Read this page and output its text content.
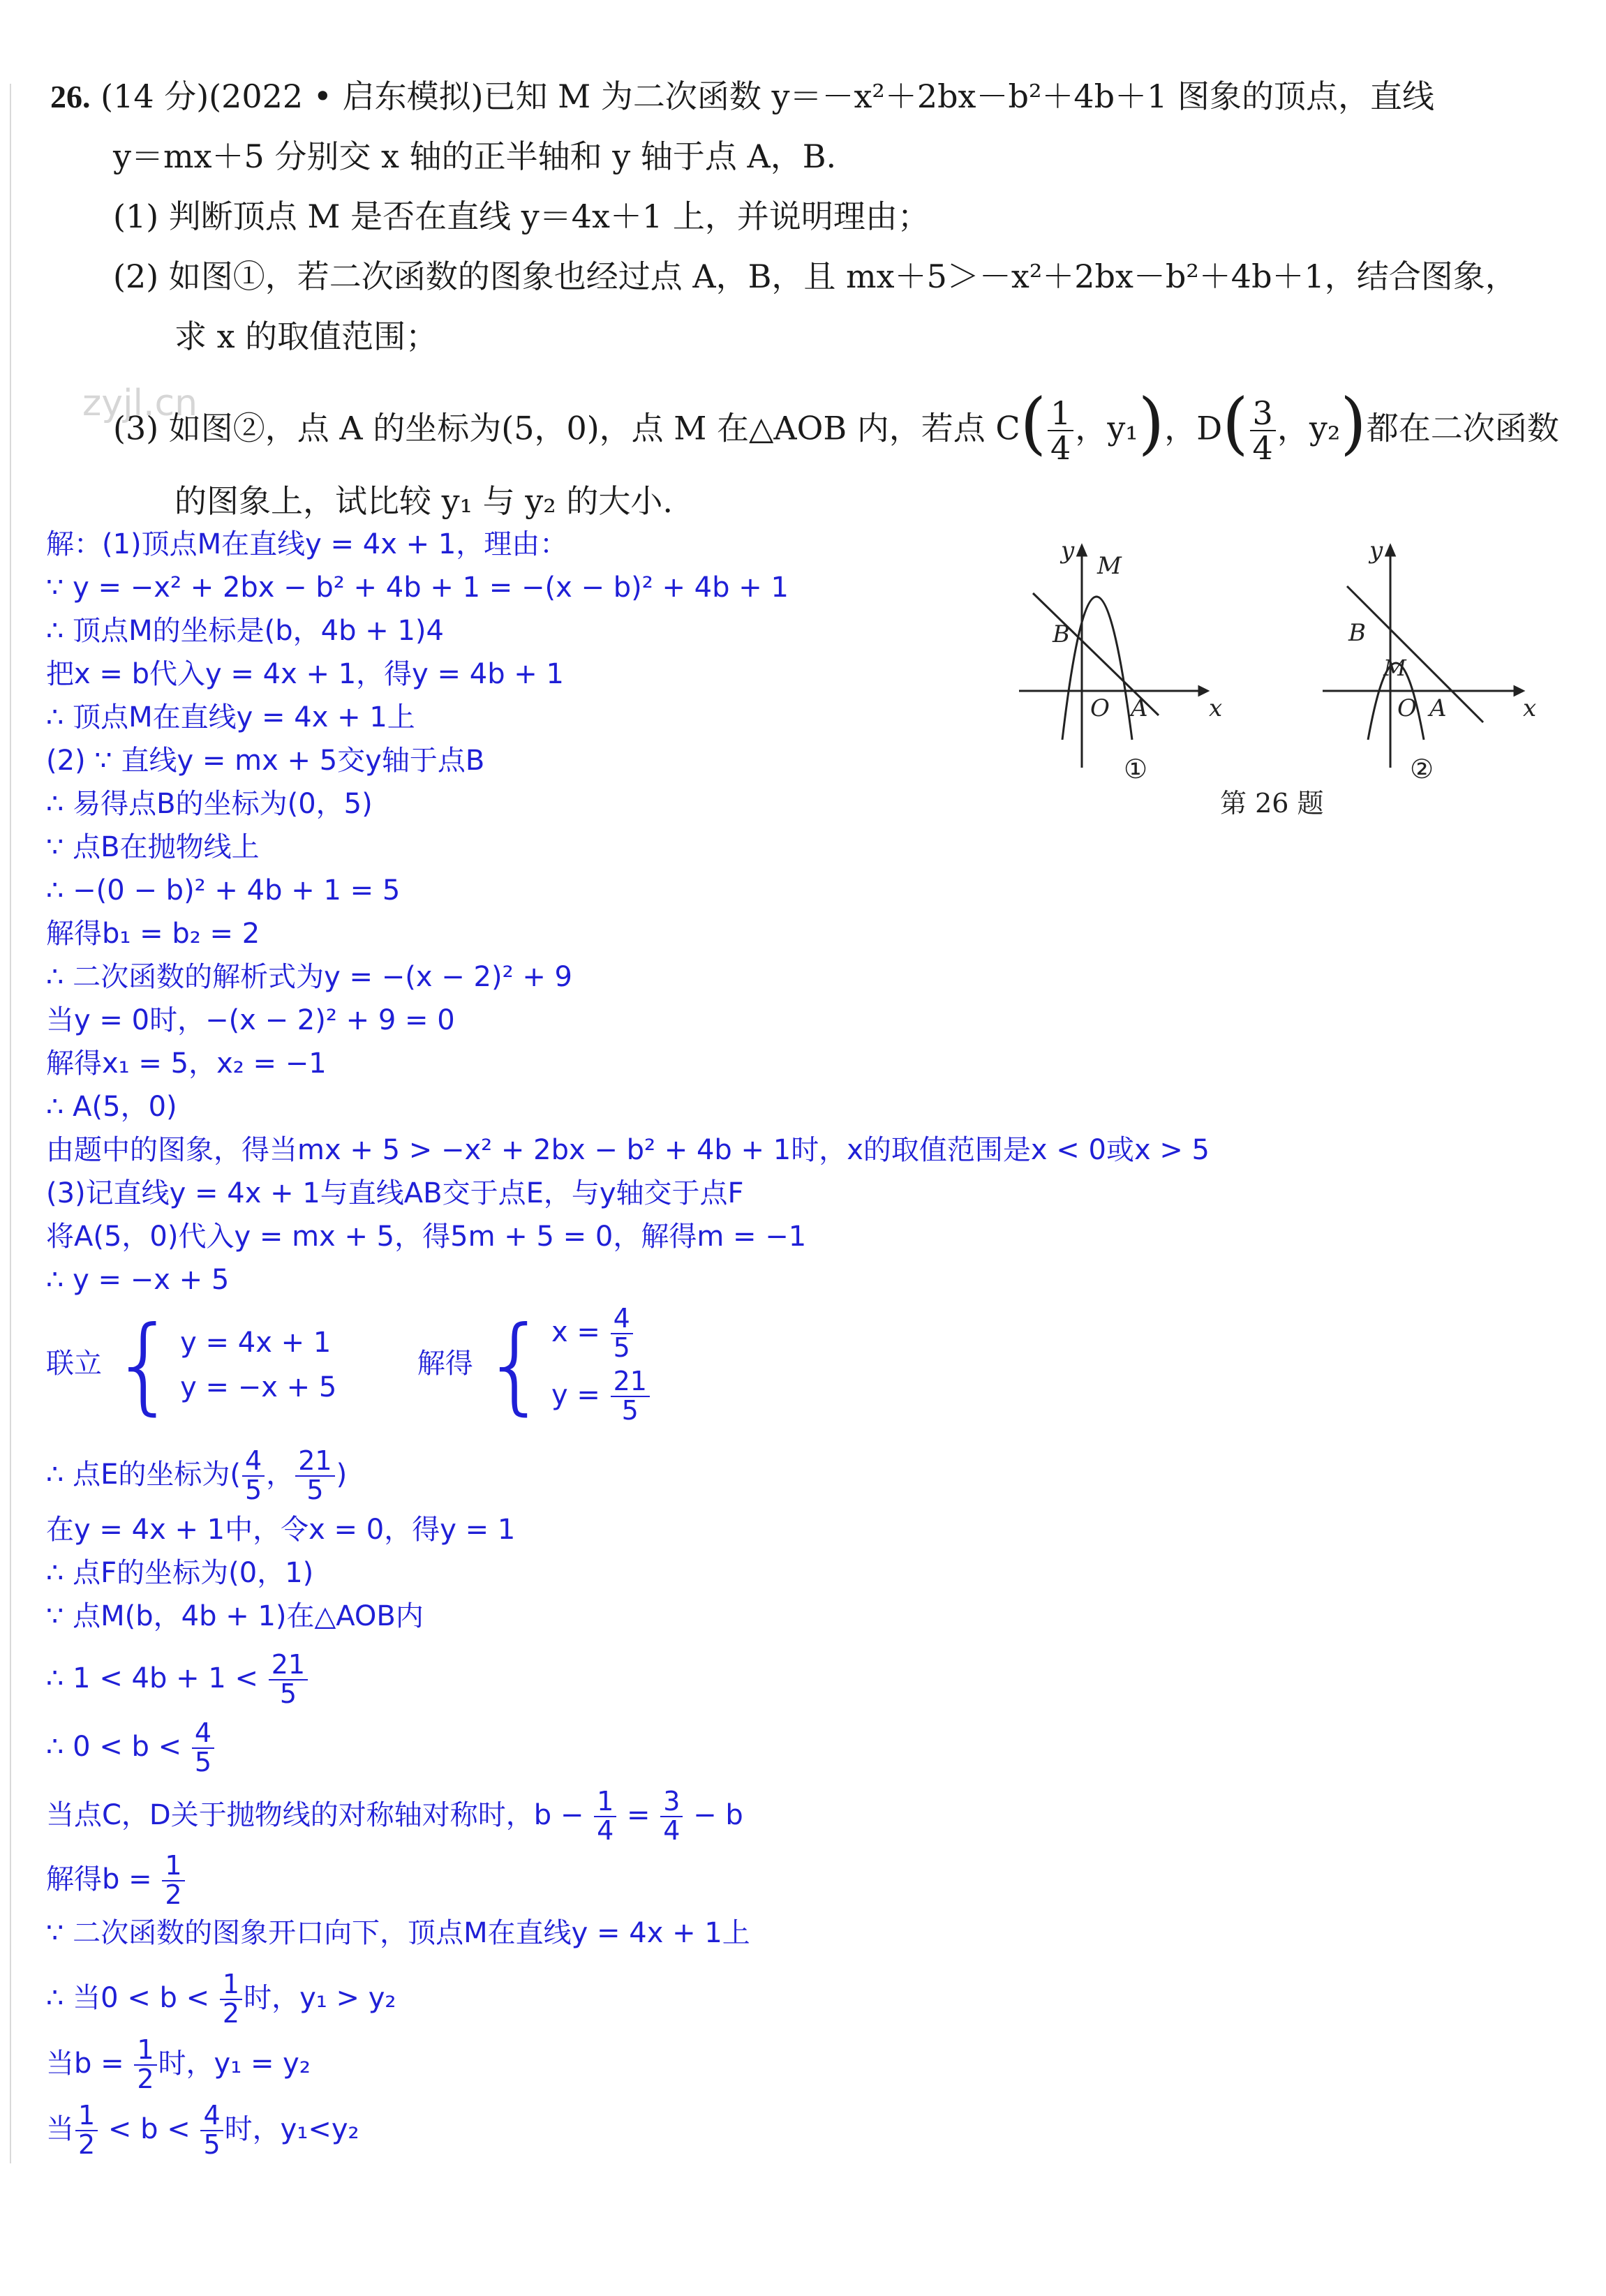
26. (14 分)(2022 • 启东模拟)已知 M 为二次函数 y＝－x²＋2bx－b²＋4b＋1 图象的顶点，直线
y＝mx＋5 分别交 x 轴的正半轴和 y 轴于点 A，B.
(1) 判断顶点 M 是否在直线 y＝4x＋1 上，并说明理由；
(2) 如图①，若二次函数的图象也经过点 A，B，且 mx＋5＞－x²＋2bx－b²＋4b＋1，结合图象，
求 x 的取值范围；
(3) 如图②，点 A 的坐标为(5，0)，点 M 在△AOB 内，若点 $C( \frac{1}{4}$ ，y₁)，$D( \frac{3}{4}$ ，y₂)都在二次函数
的图象上，试比较 y₁ 与 y₂ 的大小.
zyjl.cn
y
M
B
O A	x
y
B
M
O A	x
①	②
第 26 题
解：(1)顶点M在直线y = 4x + 1，理由：
∵ y = −x² + 2bx − b² + 4b + 1 = −(x − b)² + 4b + 1
∴ 顶点M的坐标是(b，4b + 1)4
把x = b代入y = 4x + 1，得y = 4b + 1
∴ 顶点M在直线y = 4x + 1上
(2) ∵ 直线y = mx + 5交y轴于点B
∴ 易得点B的坐标为(0，5)
∵ 点B在抛物线上
∴ −(0 − b)² + 4b + 1 = 5
解得b₁ = b₂ = 2
∴ 二次函数的解析式为y = −(x − 2)² + 9
当y = 0时，−(x − 2)² + 9 = 0
解得x₁ = 5，x₂ = −1
∴ A(5，0)
由题中的图象，得当mx + 5 > −x² + 2bx − b² + 4b + 1时，x的取值范围是x < 0或x > 5
(3)记直线y = 4x + 1与直线AB交于点E，与y轴交于点F
将A(5，0)代入y = mx + 5，得5m + 5 = 0，解得m = −1
∴ y = −x + 5
联立 { y = 4x + 1
y = −x + 5
解得 { $x = \frac{4}{5}$
$y = \frac{21}{5}$
∴ 点E的坐标为( $\frac{4}{5}$ ， $\frac{21}{5}$ )
在y = 4x + 1中，令x = 0，得y = 1
∴ 点F的坐标为(0，1)
∵ 点M(b，4b + 1)在△AOB内
∴ $1 < 4b + 1 < \frac{21}{5}$
∴ $0 < b < \frac{4}{5}$
当点C，D关于抛物线的对称轴对称时，$b - \frac{1}{4} = \frac{3}{4} - b$
解得$b = \frac{1}{2}$
∵ 二次函数的图象开口向下，顶点M在直线y = 4x + 1上
∴ 当$0 < b < \frac{1}{2}$ 时，y₁ > y₂
当$b = \frac{1}{2}$ 时，y₁ = y₂
当 $\frac{1}{2} < b < \frac{4}{5}$ 时，y₁<y₂
